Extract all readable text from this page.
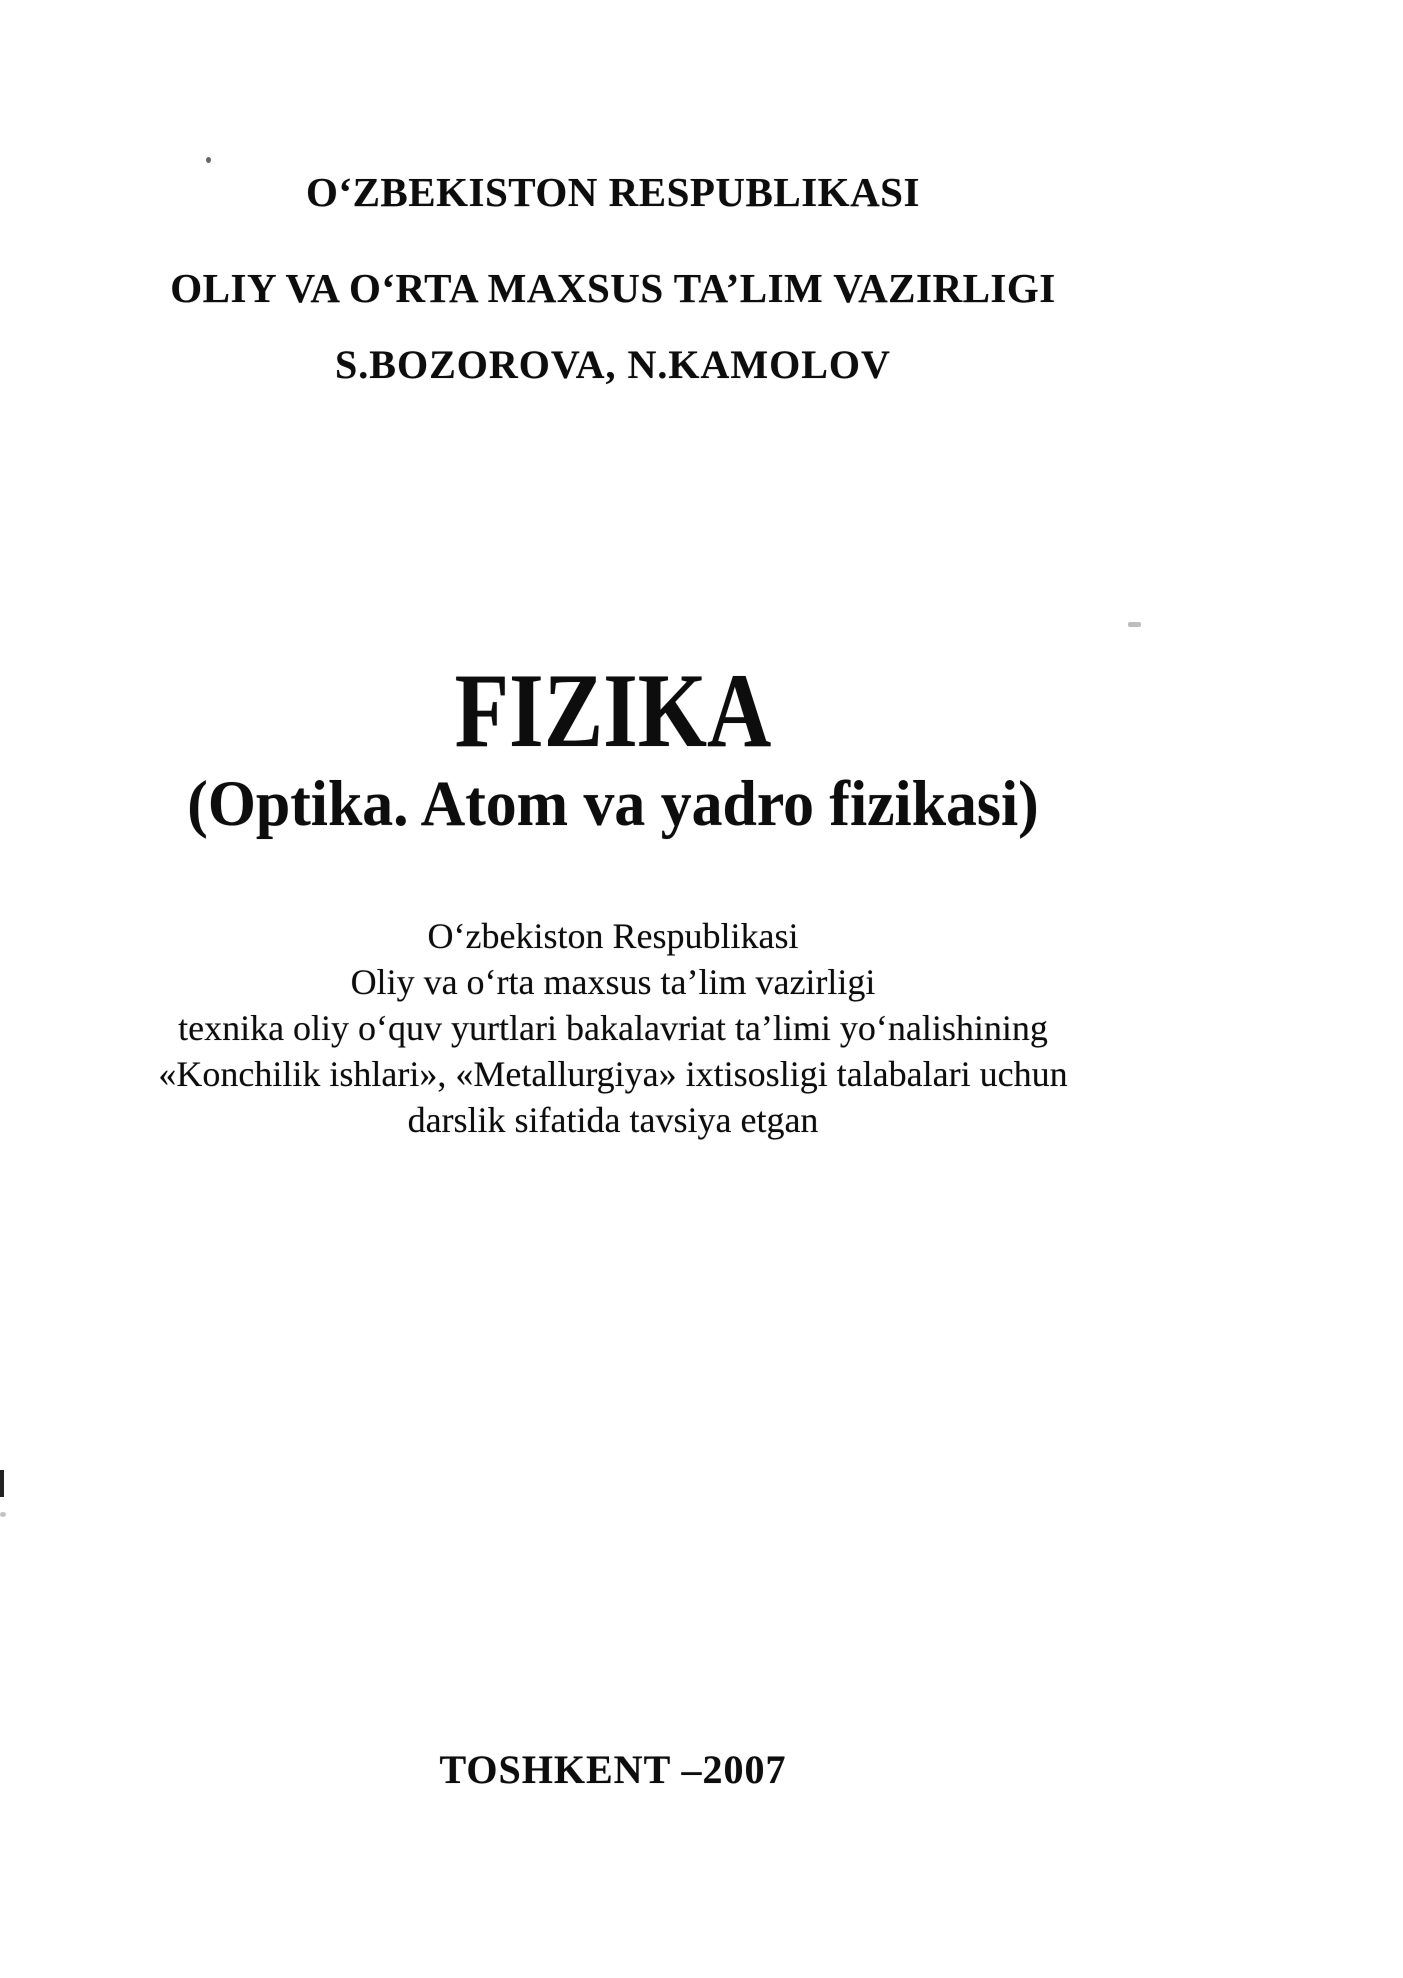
O‘ZBEKISTON RESPUBLIKASI

OLIY VA O‘RTA MAXSUS TA’LIM VAZIRLIGI

S.BOZOROVA, N.KAMOLOV
FIZIKA
(Optika. Atom va yadro fizikasi)
O‘zbekiston Respublikasi
Oliy va o‘rta maxsus ta’lim vazirligi
texnika oliy o‘quv yurtlari bakalavriat ta’limi yo‘nalishining
«Konchilik ishlari», «Metallurgiya» ixtisosligi talabalari uchun
darslik sifatida tavsiya etgan
TOSHKENT –2007
